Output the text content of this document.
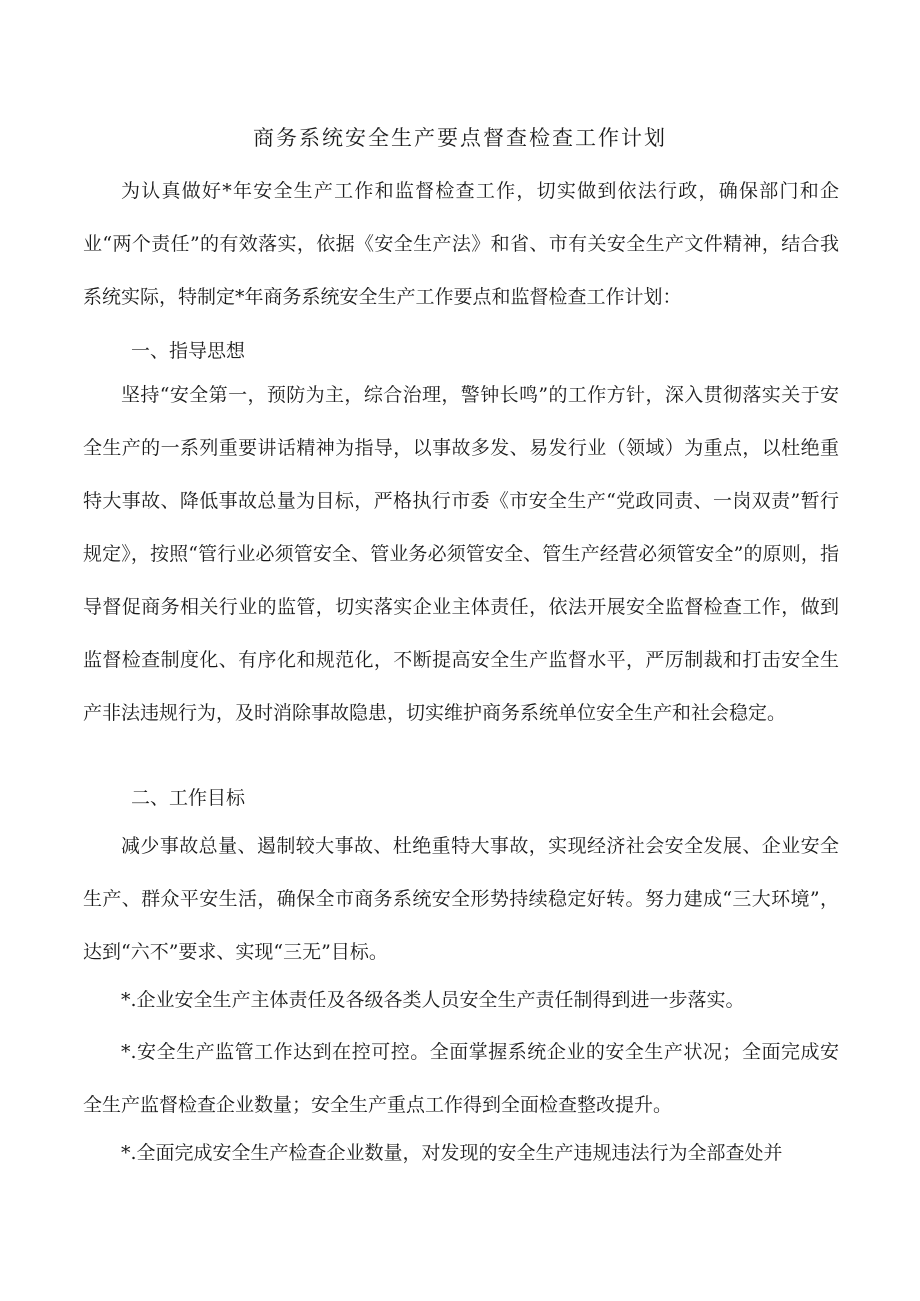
商务系统安全生产要点督查检查工作计划

为认真做好*年安全生产工作和监督检查工作，切实做到依法行政，确保部门和企业“两个责任”的有效落实，依据《安全生产法》和省、市有关安全生产文件精神，结合我系统实际，特制定*年商务系统安全生产工作要点和监督检查工作计划：

一、指导思想

坚持“安全第一，预防为主，综合治理，警钟长鸣”的工作方针，深入贯彻落实关于安全生产的一系列重要讲话精神为指导，以事故多发、易发行业（领域）为重点，以杜绝重特大事故、降低事故总量为目标，严格执行市委《市安全生产“党政同责、一岗双责”暂行规定》，按照“管行业必须管安全、管业务必须管安全、管生产经营必须管安全”的原则，指导督促商务相关行业的监管，切实落实企业主体责任，依法开展安全监督检查工作，做到监督检查制度化、有序化和规范化，不断提高安全生产监督水平，严厉制裁和打击安全生产非法违规行为，及时消除事故隐患，切实维护商务系统单位安全生产和社会稳定。

二、工作目标

减少事故总量、遏制较大事故、杜绝重特大事故，实现经济社会安全发展、企业安全生产、群众平安生活，确保全市商务系统安全形势持续稳定好转。努力建成“三大环境”，达到“六不”要求、实现“三无”目标。

*.企业安全生产主体责任及各级各类人员安全生产责任制得到进一步落实。

*.安全生产监管工作达到在控可控。全面掌握系统企业的安全生产状况；全面完成安全生产监督检查企业数量；安全生产重点工作得到全面检查整改提升。

*.全面完成安全生产检查企业数量，对发现的安全生产违规违法行为全部查处并
